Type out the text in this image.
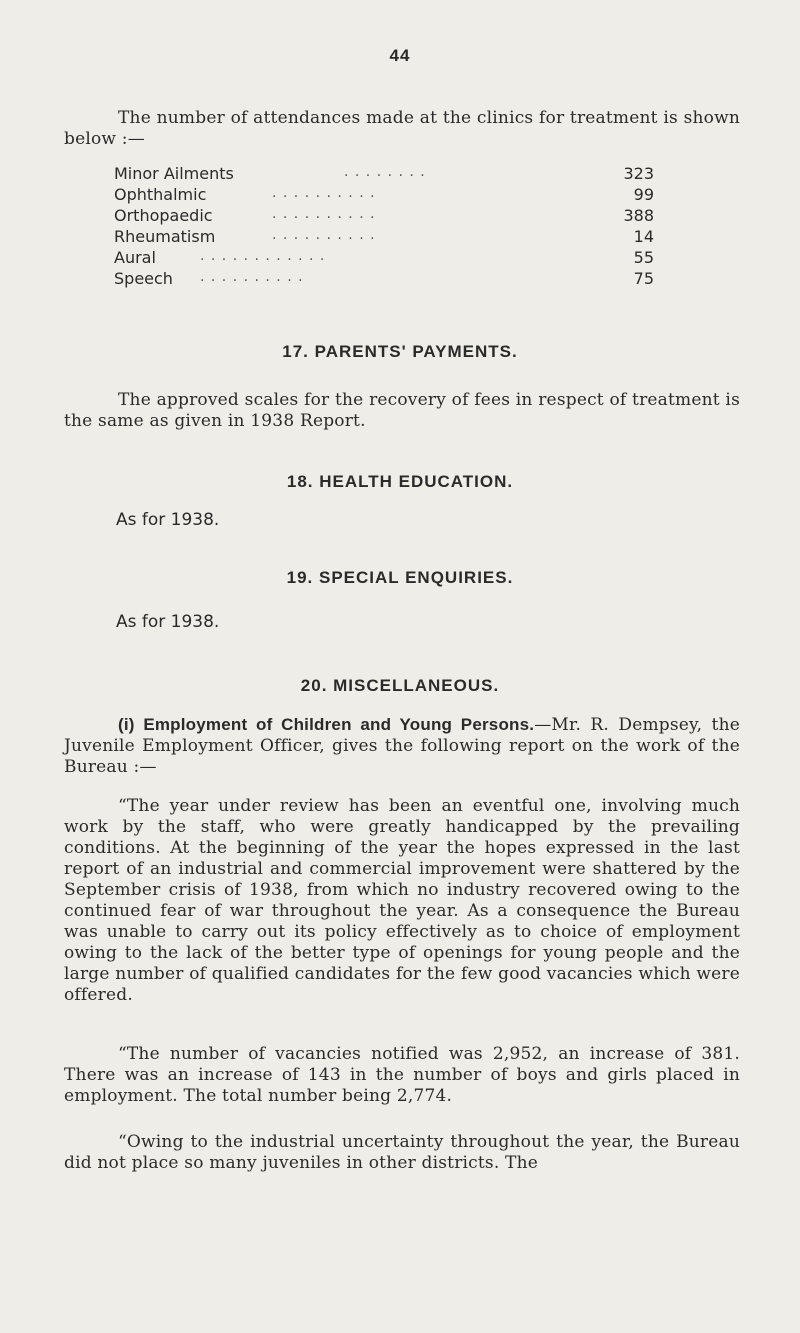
44
The number of attendances made at the clinics for treatment is shown below :—
Minor Ailments	. . . . . . . .	323
Ophthalmic	. . . . . . . . . .	99
Orthopaedic	. . . . . . . . . .	388
Rheumatism	. . . . . . . . . .	14
Aural	. . . . . . . . . . . .	55
Speech . . . . . . . . . .	75
17. PARENTS' PAYMENTS.
The approved scales for the recovery of fees in respect of treatment is the same as given in 1938 Report.
18. HEALTH EDUCATION.
As for 1938.
19. SPECIAL ENQUIRIES.
As for 1938.
20. MISCELLANEOUS.
(i) Employment of Children and Young Persons.—Mr. R. Dempsey, the Juvenile Employment Officer, gives the following report on the work of the Bureau :—
“The year under review has been an eventful one, involving much work by the staff, who were greatly handicapped by the prevailing conditions. At the beginning of the year the hopes expressed in the last report of an industrial and commercial improvement were shattered by the September crisis of 1938, from which no industry recovered owing to the continued fear of war throughout the year. As a consequence the Bureau was unable to carry out its policy effectively as to choice of employment owing to the lack of the better type of openings for young people and the large number of qualified candidates for the few good vacancies which were offered.
“The number of vacancies notified was 2,952, an increase of 381. There was an increase of 143 in the number of boys and girls placed in employment. The total number being 2,774.
“Owing to the industrial uncertainty throughout the year, the Bureau did not place so many juveniles in other districts. The
